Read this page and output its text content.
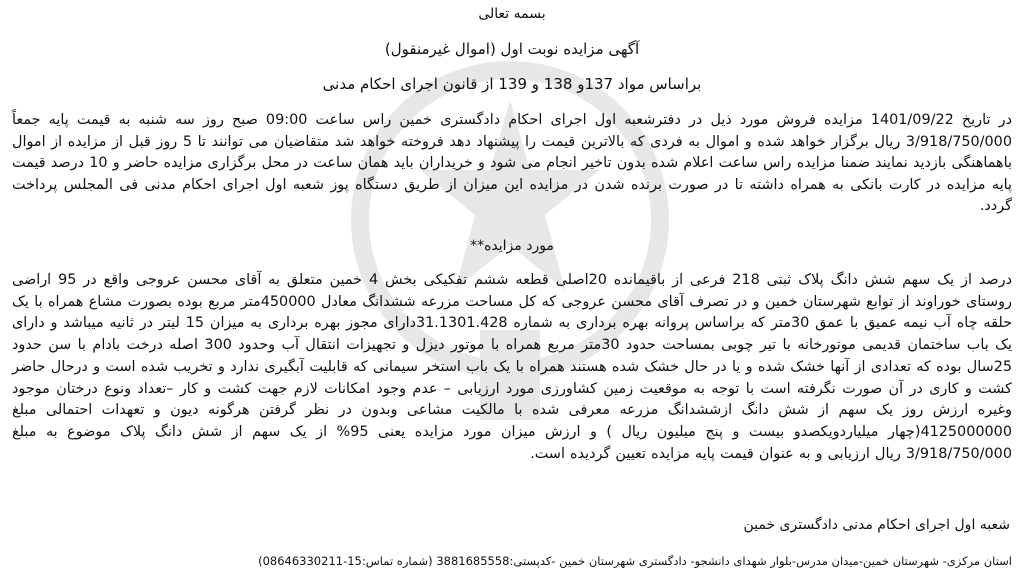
بسمه تعالی
آگهی مزایده نوبت اول (اموال غیرمنقول)
براساس مواد 137و 138 و 139 از قانون اجرای احکام مدنی
در تاریخ 1401/09/22 مزایده فروش مورد ذیل در دفترشعبه اول اجرای احکام دادگستری خمین راس ساعت 09:00 صبح روز سه شنبه به قیمت پایه جمعاً 3/918/750/000 ریال برگزار خواهد شده و اموال به فردی که بالاترین قیمت را پیشنهاد دهد فروخته خواهد شد متقاضیان می توانند تا 5 روز قبل از مزایده از اموال باهماهنگی بازدید نمایند ضمنا مزایده راس ساعت اعلام شده بدون تاخیر انجام می شود و خریداران باید همان ساعت در محل برگزاری مزایده حاضر و 10 درصد قیمت پایه مزایده در کارت بانکی به همراه داشته تا در صورت برنده شدن در مزایده این میزان از طریق دستگاه پوز شعبه اول اجرای احکام مدنی فی المجلس پرداخت گردد.
مورد مزایده**
درصد از یک سهم شش دانگ پلاک ثبتی 218 فرعی از باقیمانده 20اصلی قطعه ششم تفکیکی بخش 4 خمین متعلق به آقای محسن عروجی واقع در 95 اراضی روستای خوراوند از توابع شهرستان خمین و در تصرف آقای محسن عروجی که کل مساحت مزرعه ششدانگ معادل 450000متر مربع بوده بصورت مشاع همراه با یک حلقه چاه آب نیمه عمیق با عمق 30متر که براساس پروانه بهره برداری به شماره 31.1301.428دارای مجوز بهره برداری به میزان 15 لیتر در ثانیه میباشد و دارای یک باب ساختمان قدیمی موتورخانه با تیر چوبی بمساحت حدود 30متر مربع همراه با موتور دیزل و تجهیزات انتقال آب وحدود 300 اصله درخت بادام با سن حدود 25سال بوده که تعدادی از آنها خشک شده و یا در حال خشک شده هستند همراه با یک باب استخر سیمانی که قابلیت آبگیری ندارد و تخریب شده است و درحال حاضر کشت و کاری در آن صورت نگرفته است با توجه به موقعیت زمین کشاورزی مورد ارزیابی – عدم وجود امکانات لازم جهت کشت و کار –تعداد ونوع درختان موجود وغیره ارزش روز یک سهم از شش دانگ ازششدانگ مزرعه معرفی شده با مالکیت مشاعی وبدون در نظر گرفتن هرگونه دیون و تعهدات احتمالی مبلغ 4125000000(چهار میلیاردویکصدو بیست و پنج میلیون ریال ) و ارزش میزان مورد مزایده یعنی 95% از یک سهم از شش دانگ پلاک موضوع به مبلغ 3/918/750/000 ریال ارزیابی و به عنوان قیمت پایه مزایده تعیین گردیده است.
شعبه اول اجرای احکام مدنی دادگستری خمین
استان مرکزی- شهرستان خمین-میدان مدرس-بلوار شهدای دانشجو- دادگستری شهرستان خمین -کدپستی:3881685558 (شماره تماس:15-08646330211)
